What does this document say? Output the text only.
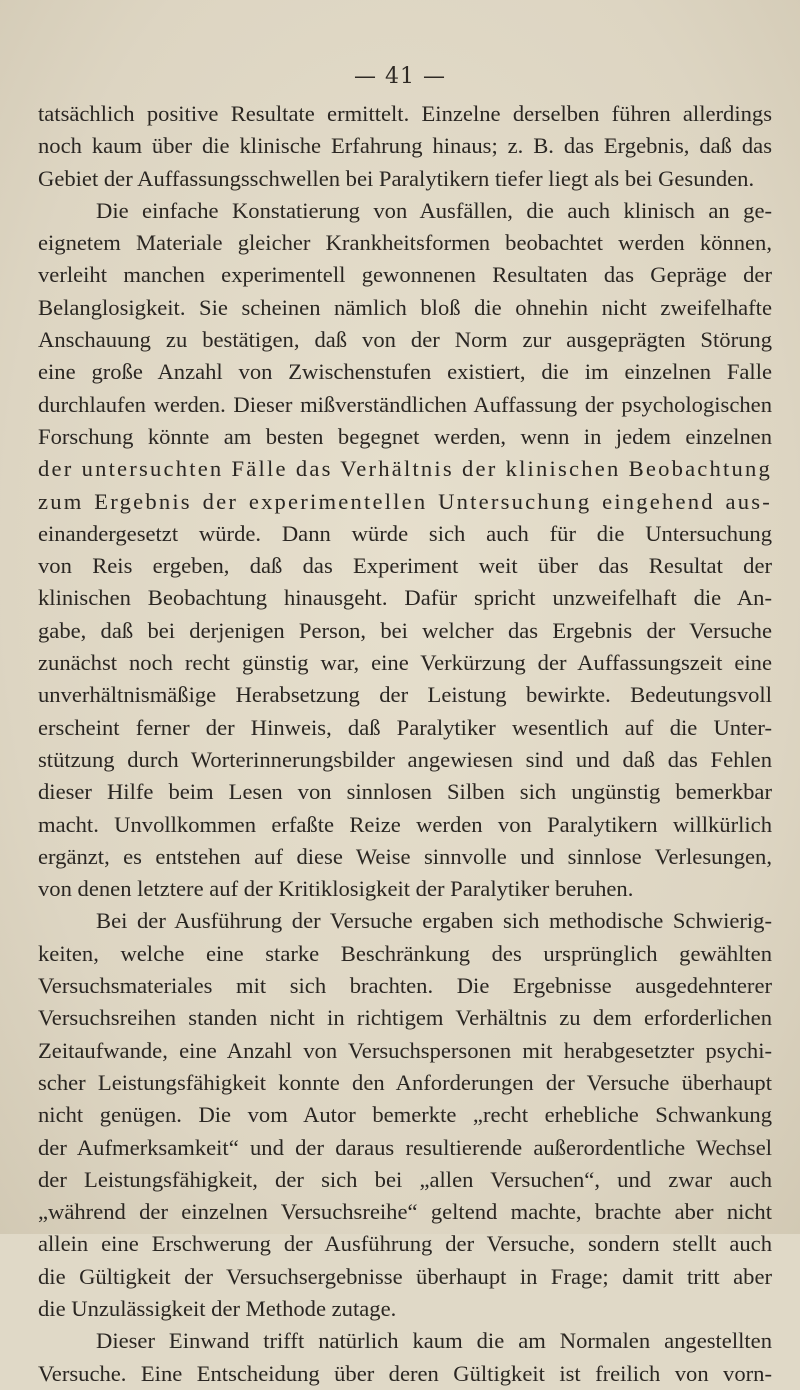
— 41 —
tatsächlich positive Resultate ermittelt. Einzelne derselben führen allerdings
noch kaum über die klinische Erfahrung hinaus; z. B. das Ergebnis, daß das
Gebiet der Auffassungsschwellen bei Paralytikern tiefer liegt als bei Gesunden.
Die einfache Konstatierung von Ausfällen, die auch klinisch an ge-
eignetem Materiale gleicher Krankheitsformen beobachtet werden können,
verleiht manchen experimentell gewonnenen Resultaten das Gepräge der
Belanglosigkeit. Sie scheinen nämlich bloß die ohnehin nicht zweifelhafte
Anschauung zu bestätigen, daß von der Norm zur ausgeprägten Störung
eine große Anzahl von Zwischenstufen existiert, die im einzelnen Falle
durchlaufen werden. Dieser mißverständlichen Auffassung der psychologischen
Forschung könnte am besten begegnet werden, wenn in jedem einzelnen
der untersuchten Fälle das Verhältnis der klinischen Beobachtung
zum Ergebnis der experimentellen Untersuchung eingehend aus-
einandergesetzt würde. Dann würde sich auch für die Untersuchung
von Reis ergeben, daß das Experiment weit über das Resultat der
klinischen Beobachtung hinausgeht. Dafür spricht unzweifelhaft die An-
gabe, daß bei derjenigen Person, bei welcher das Ergebnis der Versuche
zunächst noch recht günstig war, eine Verkürzung der Auffassungszeit eine
unverhältnismäßige Herabsetzung der Leistung bewirkte. Bedeutungsvoll
erscheint ferner der Hinweis, daß Paralytiker wesentlich auf die Unter-
stützung durch Worterinnerungsbilder angewiesen sind und daß das Fehlen
dieser Hilfe beim Lesen von sinnlosen Silben sich ungünstig bemerkbar
macht. Unvollkommen erfaßte Reize werden von Paralytikern willkürlich
ergänzt, es entstehen auf diese Weise sinnvolle und sinnlose Verlesungen,
von denen letztere auf der Kritiklosigkeit der Paralytiker beruhen.
Bei der Ausführung der Versuche ergaben sich methodische Schwierig-
keiten, welche eine starke Beschränkung des ursprünglich gewählten
Versuchsmateriales mit sich brachten. Die Ergebnisse ausgedehnterer
Versuchsreihen standen nicht in richtigem Verhältnis zu dem erforderlichen
Zeitaufwande, eine Anzahl von Versuchspersonen mit herabgesetzter psychi-
scher Leistungsfähigkeit konnte den Anforderungen der Versuche überhaupt
nicht genügen. Die vom Autor bemerkte „recht erhebliche Schwankung
der Aufmerksamkeit“ und der daraus resultierende außerordentliche Wechsel
der Leistungsfähigkeit, der sich bei „allen Versuchen“, und zwar auch
„während der einzelnen Versuchsreihe“ geltend machte, brachte aber nicht
allein eine Erschwerung der Ausführung der Versuche, sondern stellt auch
die Gültigkeit der Versuchsergebnisse überhaupt in Frage; damit tritt aber
die Unzulässigkeit der Methode zutage.
Dieser Einwand trifft natürlich kaum die am Normalen angestellten
Versuche. Eine Entscheidung über deren Gültigkeit ist freilich von vorn-
